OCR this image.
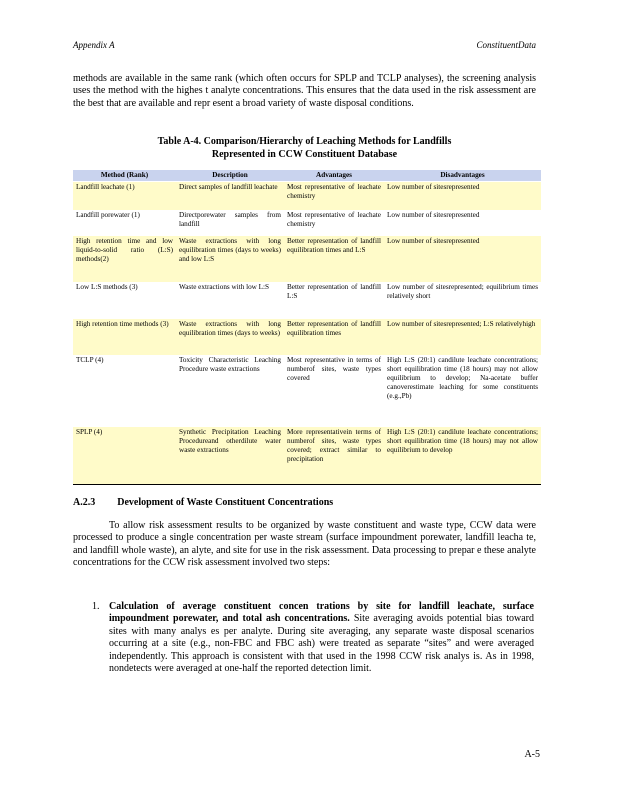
Appendix A	ConstituentData

methods are available in the same rank (which often occurs for SPLP and TCLP analyses), the screening analysis uses the method with the highes t analyte concentrations. This ensures that the data used in the risk assessment are the best that are available and repr esent a broad variety of waste disposal conditions.

Table A-4. Comparison/Hierarchy of Leaching Methods for Landfills
Represented in CCW Constituent Database
Method (Rank)	Description	Advantages	Disadvantages
Landfill leachate (1)	Direct samples of landfill leachate	Most representative of leachate chemistry	Low number of sitesrepresented
Landfill porewater (1)	Directporewater samples from landfill	Most representative of leachate chemistry	Low number of sitesrepresented
High retention time and low liquid-to-solid ratio (L:S) methods(2)	Waste extractions with long equilibration times (days to weeks) and low L:S	Better representation of landfill equilibration times and L:S	Low number of sitesrepresented
Low L:S methods (3)	Waste extractions with low L:S	Better representation of landfill L:S	Low number of sitesrepresented; equilibrium times relatively short
High retention time methods (3)	Waste extractions with long equilibration times (days to weeks)	Better representation of landfill equilibration times	Low number of sitesrepresented; L:S relativelyhigh
TCLP (4)	Toxicity Characteristic Leaching Procedure waste extractions	Most representative in terms of numberof sites, waste types covered	High L:S (20:1) candilute leachate concentrations; short equilibration time (18 hours) may not allow equilibrium to develop; Na-acetate buffer canoverestimate leaching for some constituents (e.g.,Pb)
SPLP (4)	Synthetic Precipitation Leaching Procedureand otherdilute water waste extractions	More representativein terms of numberof sites, waste types covered; extract similar to precipitation	High L:S (20:1) candilute leachate concentrations; short equilibration time (18 hours) may not allow equilibrium to develop
A.2.3 Development of Waste Constituent Concentrations

To allow risk assessment results to be organized by waste constituent and waste type, CCW data were processed to produce a single concentration per waste stream (surface impoundment porewater, landfill leacha te, and landfill whole waste), an alyte, and site for use in the risk assessment. Data processing to prepar e these analyte concentrations for the CCW risk assessment involved two steps:

1. Calculation of average constituent concen trations by site for landfill leachate, surface impoundment porewater, and total ash concentrations. Site averaging avoids potential bias toward sites with many analys es per analyte. During site averaging, any separate waste disposal scenarios occurring at a site (e.g., non-FBC and FBC ash) were treated as separate “sites” and were averaged independently. This approach is consistent with that used in the 1998 CCW risk analys is. As in 1998, nondetects were averaged at one-half the reported detection limit.
A-5
